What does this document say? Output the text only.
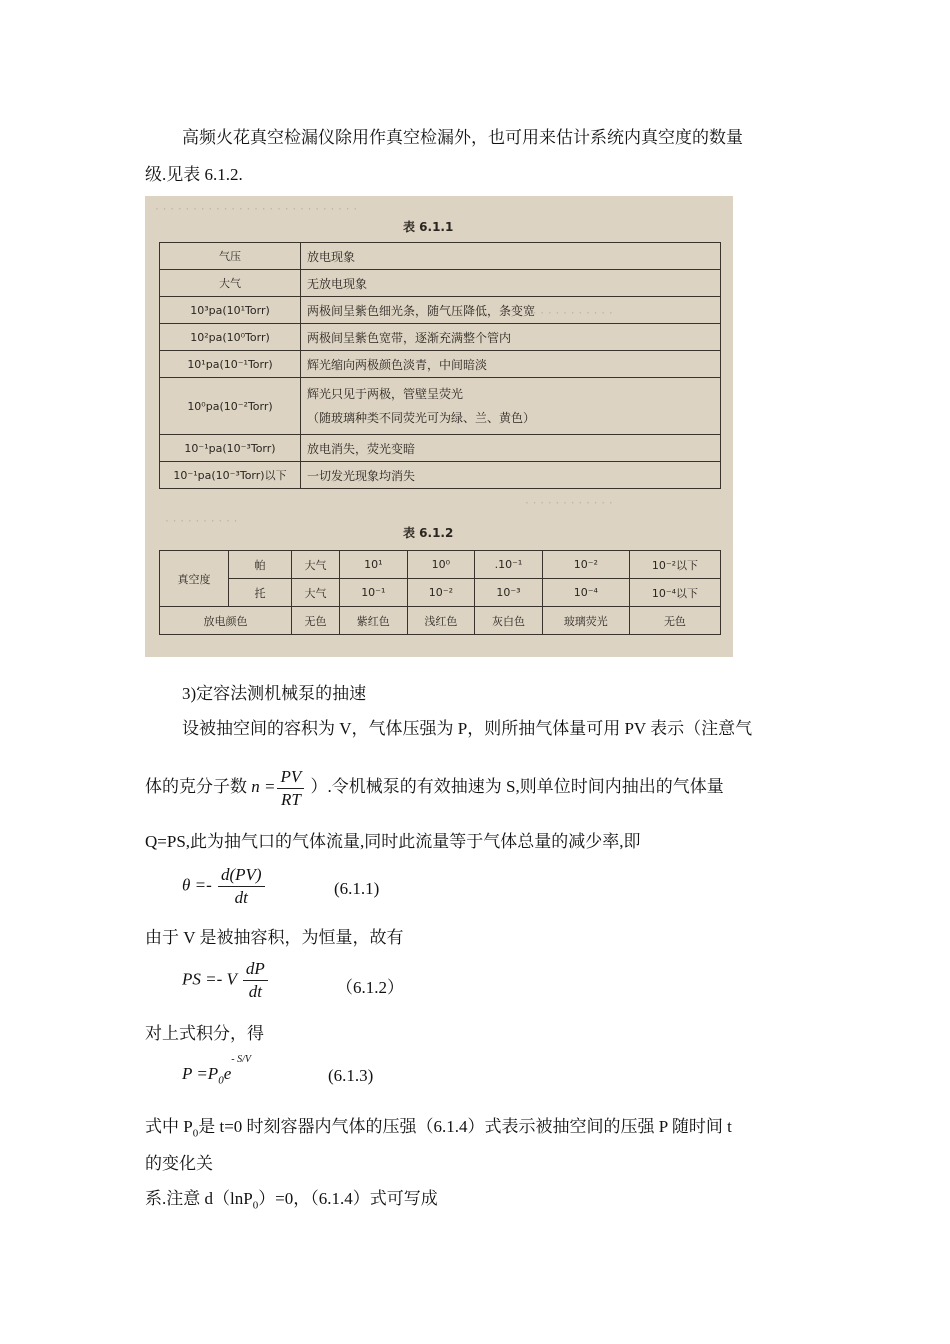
高频火花真空检漏仪除用作真空检漏外，也可用来估计系统内真空度的数量
级.见表 6.1.2.
· · · · · · · · · · · · · · · · · · · · · · · · · · ·
· · · · · · · · · · · ·
· · · · · · · · · · · ·
· · · · · · · · · ·
表 6.1.1
气压	放电现象
大气	无放电现象
10³pa(10¹Torr)	两极间呈紫色细光条，随气压降低，条变宽
10²pa(10⁰Torr)	两极间呈紫色宽带，逐渐充满整个管内
10¹pa(10⁻¹Torr)	辉光缩向两极颜色淡青，中间暗淡
10⁰pa(10⁻²Torr)	辉光只见于两极，管壁呈荧光
（随玻璃种类不同荧光可为绿、兰、黄色）

10⁻¹pa(10⁻³Torr)	放电消失，荧光变暗
10⁻¹pa(10⁻³Torr)以下	一切发光现象均消失
表 6.1.2
真空度	帕	大气	10¹	10⁰	.10⁻¹	10⁻²	10⁻²以下
	托	大气	10⁻¹	10⁻²	10⁻³	10⁻⁴	10⁻⁴以下
放电颜色		无色	紫红色	浅红色	灰白色	玻璃荧光	无色
3)定容法测机械泵的抽速
设被抽空间的容积为 V，气体压强为 P，则所抽气体量可用 PV 表示（注意气
体的克分子数 $n = \frac{PV}{RT}$ ）.令机械泵的有效抽速为 S,则单位时间内抽出的气体量
Q=PS,此为抽气口的气体流量,同时此流量等于气体总量的减少率,即
$\theta =- \frac{d(PV)}{dt}$	(6.1.1)
由于 V 是被抽容积，为恒量，故有
PS =- V $\frac{dP}{dt}$	（6.1.2）
对上式积分，得
$P =P_0e^{- S/V}$
(6.1.3)
式中 $P_0$是 t=0 时刻容器内气体的压强（6.1.4）式表示被抽空间的压强 P 随时间 t
的变化关
系.注意 d（lnP$_0$）=0，（6.1.4）式可写成
